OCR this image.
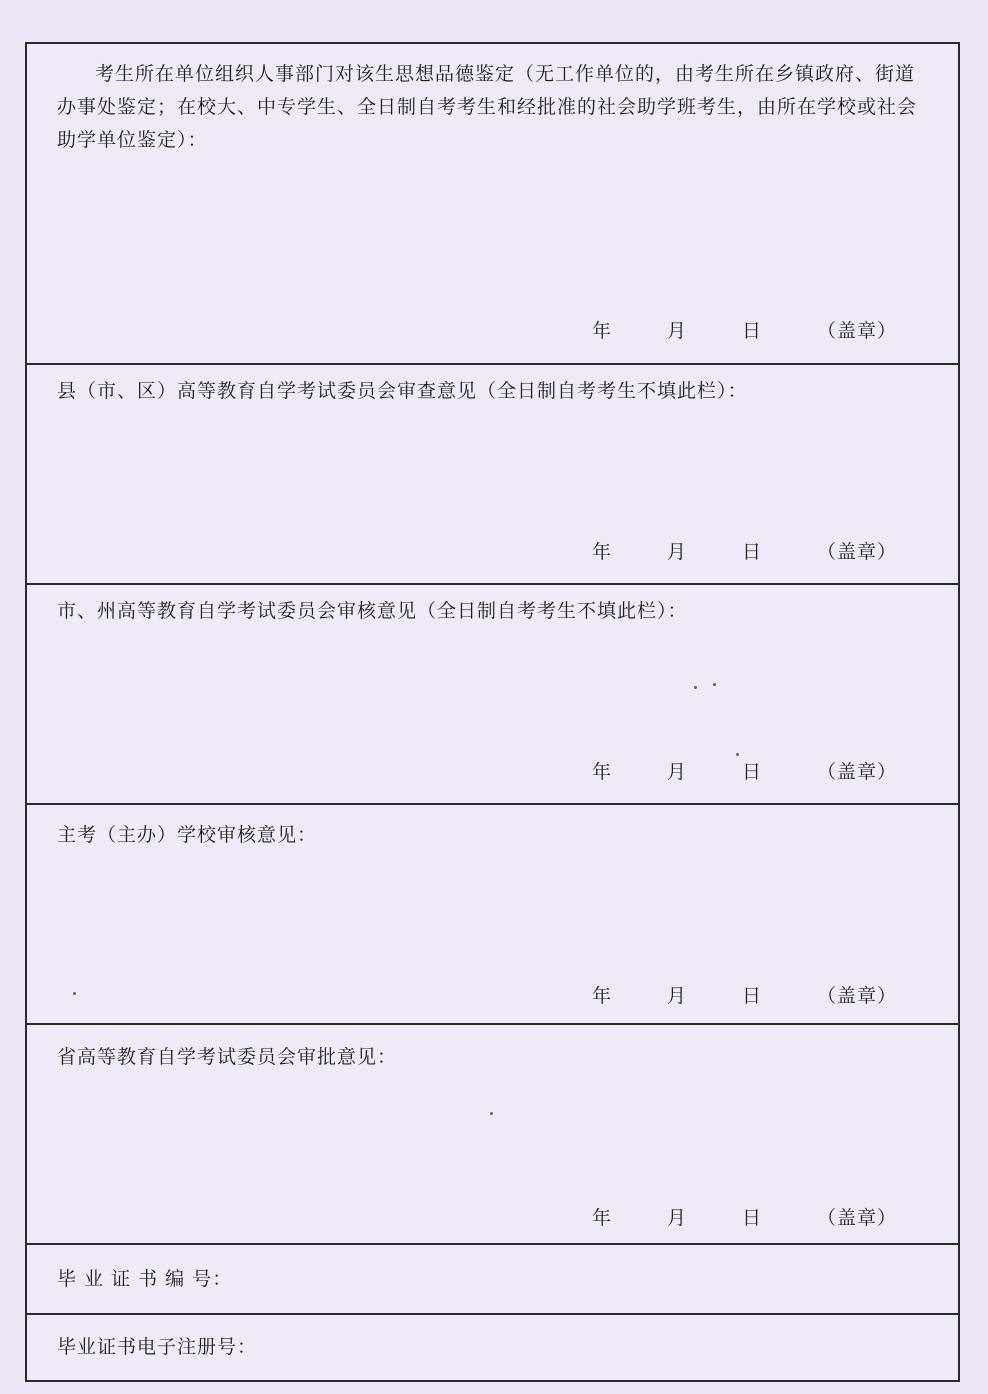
考生所在单位组织人事部门对该生思想品德鉴定（无工作单位的，由考生所在乡镇政府、街道办事处鉴定；在校大、中专学生、全日制自考考生和经批准的社会助学班考生，由所在学校或社会助学单位鉴定）：

年	月	日	（盖章）

县（市、区）高等教育自学考试委员会审查意见（全日制自考考生不填此栏）：

年	月	日	（盖章）

市、州高等教育自学考试委员会审核意见（全日制自考考生不填此栏）：

年	月	日	（盖章）

主考（主办）学校审核意见：

年	月	日	（盖章）

省高等教育自学考试委员会审批意见：

年	月	日	（盖章）

毕 业 证 书 编 号：

毕业证书电子注册号：
